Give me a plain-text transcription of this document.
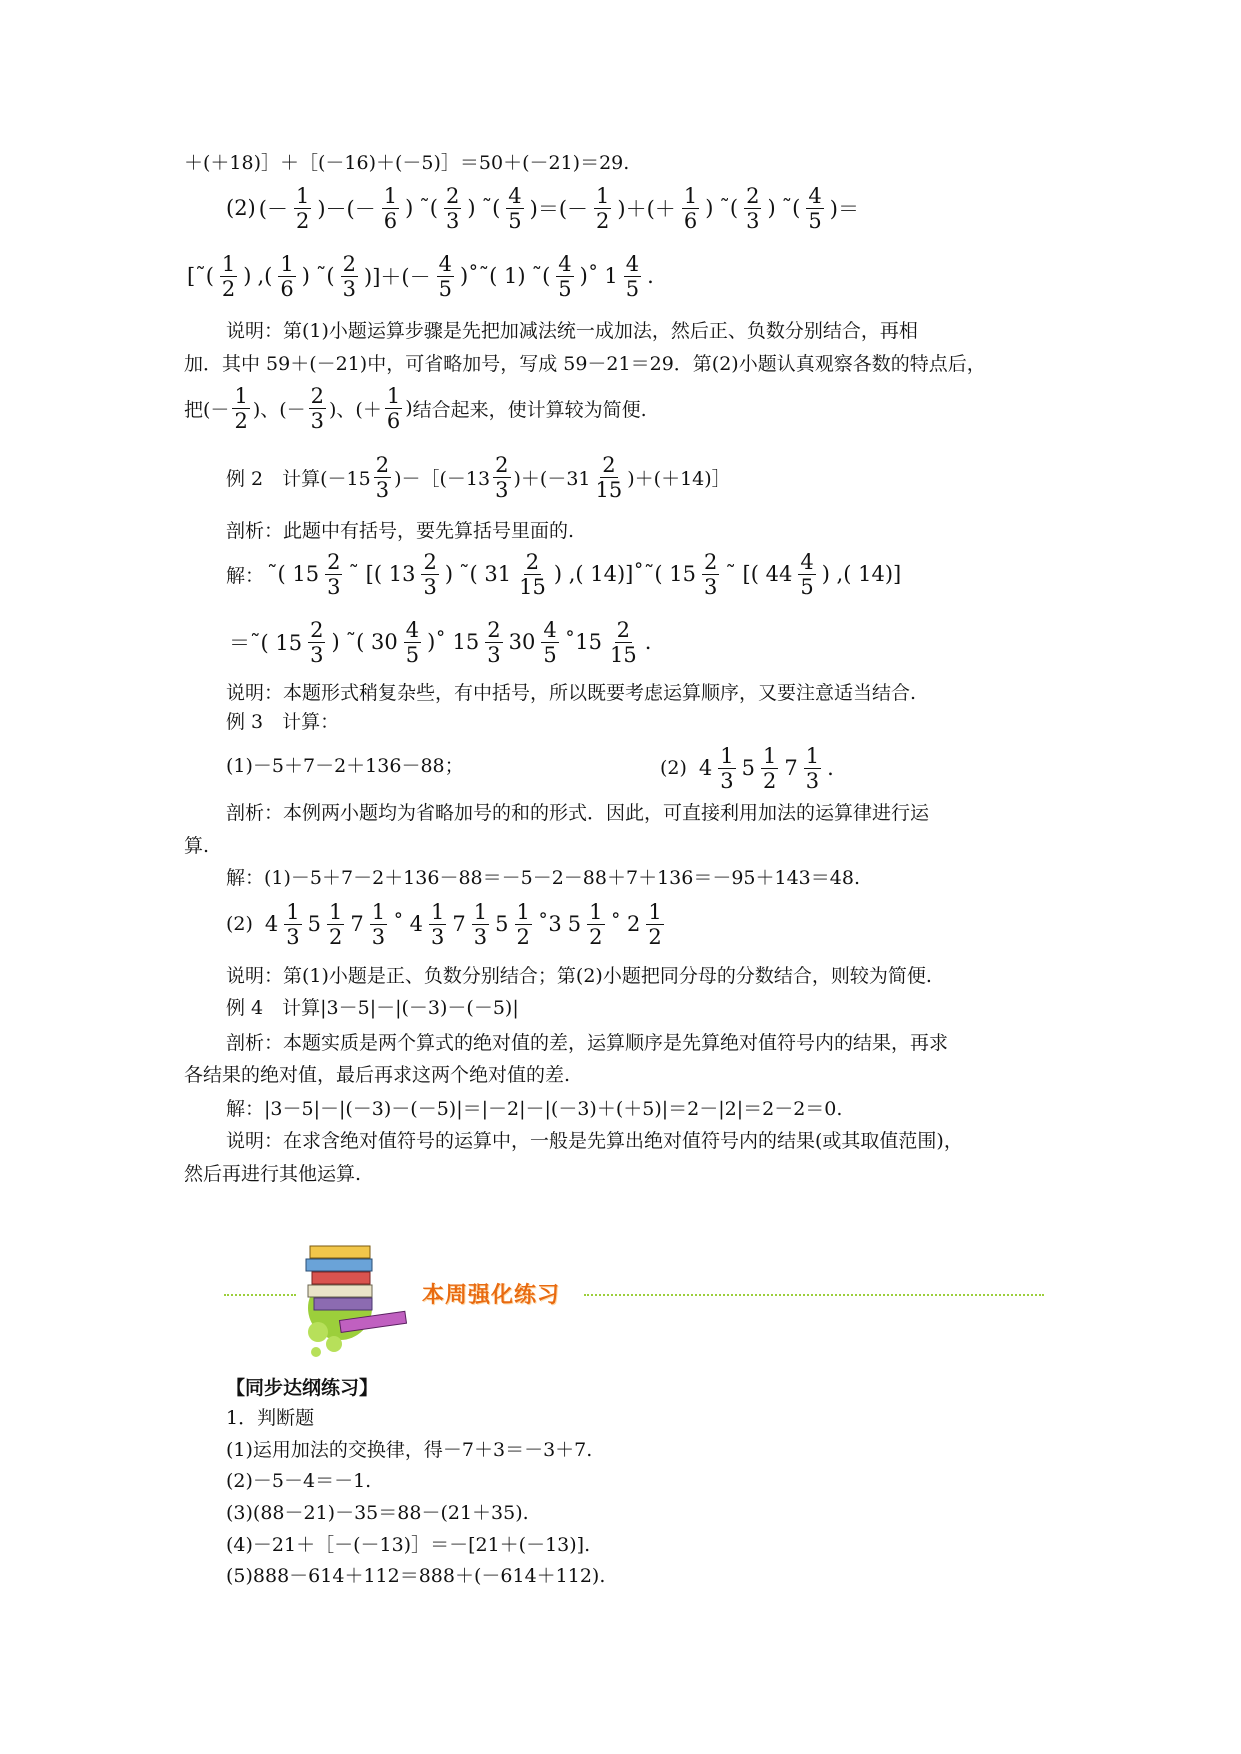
＋(＋18)］＋［(－16)＋(－5)］＝50＋(－21)＝29.
(2) (－ $\frac{1}{2}$ )－(－ $\frac{1}{6}$ ) ˜( $\frac{2}{3}$ ) ˜( $\frac{4}{5}$ )＝(－ $\frac{1}{2}$ )＋(＋ $\frac{1}{6}$ ) ˜( $\frac{2}{3}$ ) ˜( $\frac{4}{5}$ )＝
[˜( $\frac{1}{2}$ ) ,( $\frac{1}{6}$ ) ˜( $\frac{2}{3}$ )]＋(－ $\frac{4}{5}$ )˚˜( 1) ˜( $\frac{4}{5}$ )˚ $1 \frac{4}{5}$ .
说明：第(1)小题运算步骤是先把加减法统一成加法，然后正、负数分别结合，再相
加．其中 59＋(－21)中，可省略加号，写成 59－21＝29．第(2)小题认真观察各数的特点后，
把 (－ $\frac{1}{2}$ )、(－ $\frac{2}{3}$ )、(＋ $\frac{1}{6}$ ) 结合起来，使计算较为简便.
例 2　计算 ($-15 \frac{2}{3}$ )－［(－13 $\frac{2}{3} )+(-31 \frac{2}{15}$ )＋(＋14)］
剖析：此题中有括号，要先算括号里面的.
解： ˜( $15 \frac{2}{3}$ ˜ [( $13 \frac{2}{3}$ ) ˜( $31 \frac{2}{15}$ ) ,( 14)]˚˜( $15 \frac{2}{3}$ ˜ [( $44 \frac{4}{5}$ ) ,( 14)]
＝˜( $15 \frac{2}{3}$ ) ˜( $30 \frac{4}{5}$ )˚ $15 \frac{2}{3} 30 \frac{4}{5}$ ˚15 $\frac{2}{15}$ .
说明：本题形式稍复杂些，有中括号，所以既要考虑运算顺序，又要注意适当结合.
例 3　计算：
(1)－5＋7－2＋136－88；	(2) $4 \frac{1}{3} 5 \frac{1}{2} 7 \frac{1}{3}$ .
剖析：本例两小题均为省略加号的和的形式．因此，可直接利用加法的运算律进行运
算.
解：(1)－5＋7－2＋136－88＝－5－2－88＋7＋136＝－95＋143＝48.
(2) $4 \frac{1}{3} 5 \frac{1}{2} 7 \frac{1}{3}$ ˚ $4 \frac{1}{3} 7 \frac{1}{3} 5 \frac{1}{2}$ ˚3 $5 \frac{1}{2}$ ˚ $2 \frac{1}{2}$
说明：第(1)小题是正、负数分别结合；第(2)小题把同分母的分数结合，则较为简便.
例 4　计算|3－5|－|(－3)－(－5)|
剖析：本题实质是两个算式的绝对值的差，运算顺序是先算绝对值符号内的结果，再求
各结果的绝对值，最后再求这两个绝对值的差.
解：|3－5|－|(－3)－(－5)|＝|－2|－|(－3)＋(＋5)|＝2－|2|＝2－2＝0.
说明：在求含绝对值符号的运算中，一般是先算出绝对值符号内的结果(或其取值范围)，
然后再进行其他运算.
本周强化练习
【同步达纲练习】
1．判断题
(1)运用加法的交换律，得－7＋3＝－3＋7.
(2)－5－4＝－1.
(3)(88－21)－35＝88－(21＋35).
(4)－21＋［－(－13)］＝－[21＋(－13)].
(5)888－614＋112＝888＋(－614＋112).
